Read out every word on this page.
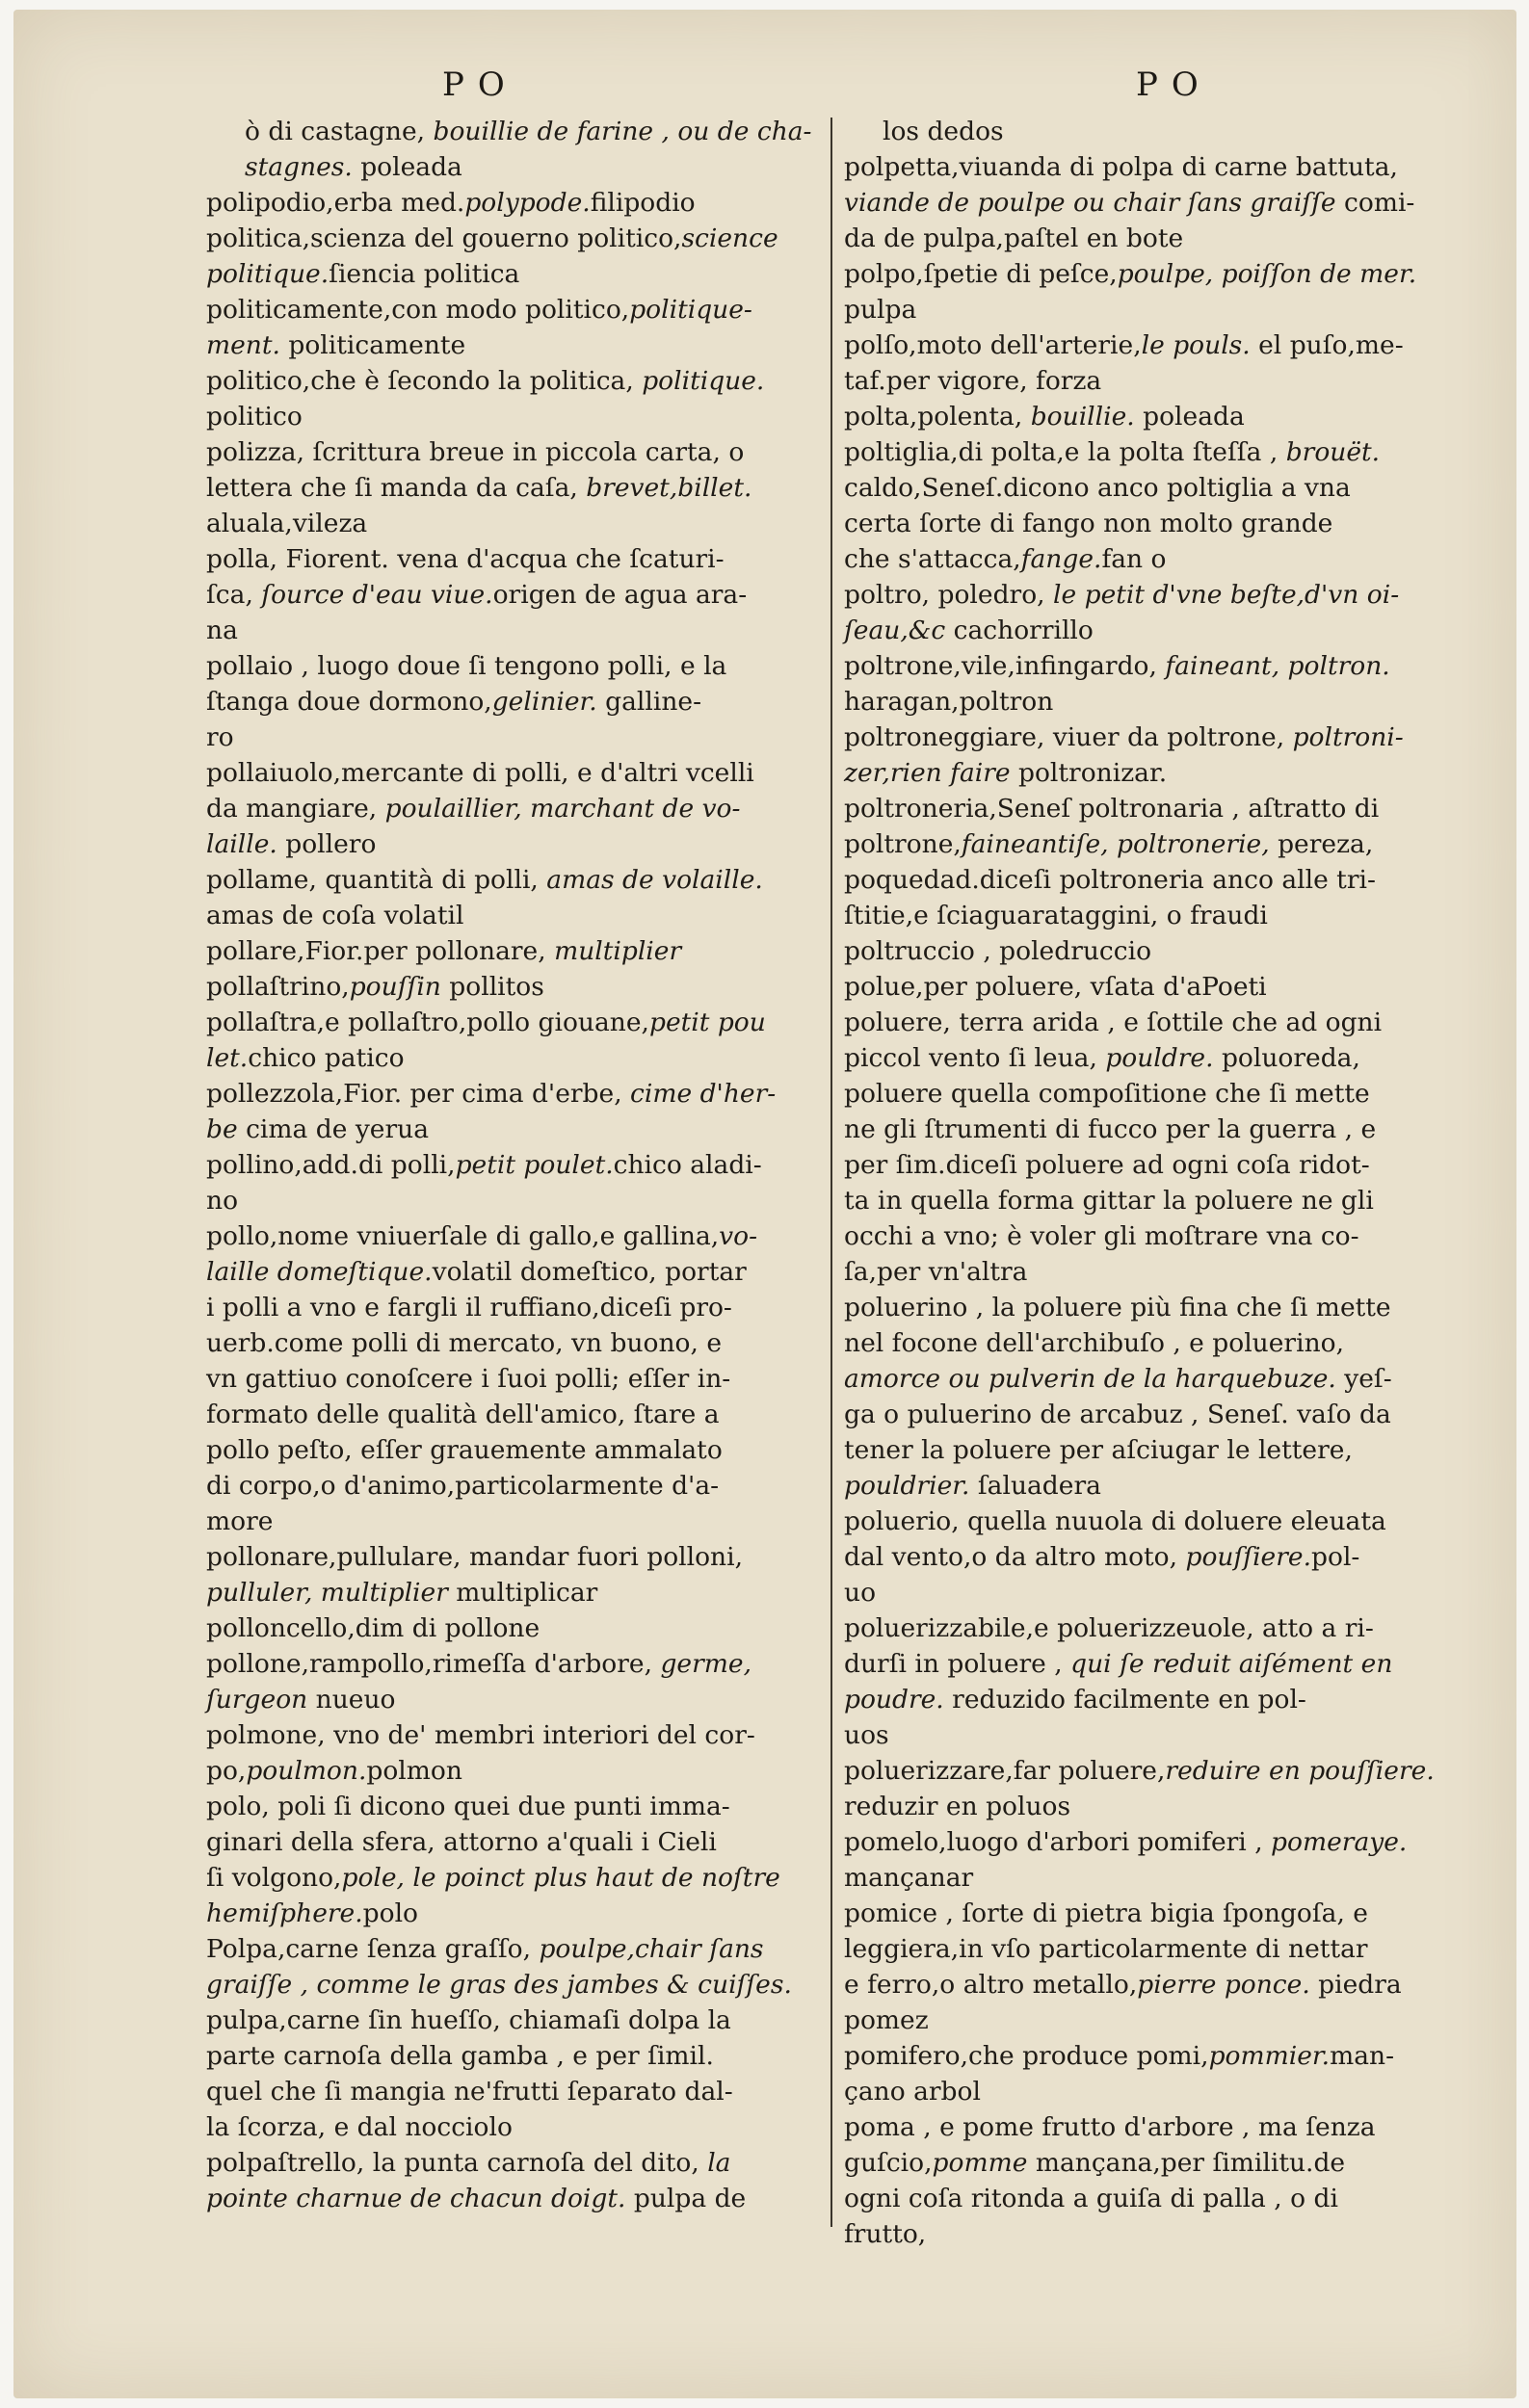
PO	PO
ò di castagne, bouillie de farine , ou de cha-
stagnes. poleada
polipodio,erba med.polypode.filipodio
politica,scienza del gouerno politico,science
politique.ſiencia politica
politicamente,con modo politico,politique-
ment. politicamente
politico,che è ſecondo la politica, politique.
politico
polizza, ſcrittura breue in piccola carta, o
lettera che ſi manda da caſa, brevet,billet.
aluala,vileza
polla, Fiorent. vena d'acqua che ſcaturi-
ſca, ſource d'eau viue.origen de agua ara-
na
pollaio , luogo doue ſi tengono polli, e la
ſtanga doue dormono,gelinier. galline-
ro
pollaiuolo,mercante di polli, e d'altri vcelli
da mangiare, poulaillier, marchant de vo-
laille. pollero
pollame, quantità di polli, amas de volaille.
amas de coſa volatil
pollare,Fior.per pollonare, multiplier
pollaſtrino,pouſſin pollitos
pollaſtra,e pollaſtro,pollo giouane,petit pou
let.chico patico
pollezzola,Fior. per cima d'erbe, cime d'her-
be cima de yerua
pollino,add.di polli,petit poulet.chico aladi-
no
pollo,nome vniuerſale di gallo,e gallina,vo-
laille domeſtique.volatil domeſtico, portar
i polli a vno e fargli il ruffiano,diceſi pro-
uerb.come polli di mercato, vn buono, e
vn gattiuo conoſcere i ſuoi polli; eſſer in-
formato delle qualità dell'amico, ſtare a
pollo peſto, eſſer grauemente ammalato
di corpo,o d'animo,particolarmente d'a-
more
pollonare,pullulare, mandar fuori polloni,
pulluler, multiplier multiplicar
polloncello,dim di pollone
pollone,rampollo,rimeſſa d'arbore, germe,
ſurgeon nueuo
polmone, vno de' membri interiori del cor-
po,poulmon.polmon
polo, poli ſi dicono quei due punti imma-
ginari della sfera, attorno a'quali i Cieli
ſi volgono,pole, le poinct plus haut de noſtre
hemiſphere.polo
Polpa,carne ſenza graſſo, poulpe,chair ſans
graiſſe , comme le gras des jambes & cuiſſes.
pulpa,carne ſin hueſſo, chiamaſi dolpa la
parte carnoſa della gamba , e per ſimil.
quel che ſi mangia ne'frutti ſeparato dal-
la ſcorza, e dal nocciolo
polpaſtrello, la punta carnoſa del dito, la
pointe charnue de chacun doigt. pulpa de
los dedos
polpetta,viuanda di polpa di carne battuta,
viande de poulpe ou chair ſans graiſſe comi-
da de pulpa,paſtel en bote
polpo,ſpetie di peſce,poulpe, poiſſon de mer.
pulpa
polſo,moto dell'arterie,le pouls. el puſo,me-
taf.per vigore, forza
polta,polenta, bouillie. poleada
poltiglia,di polta,e la polta ſteſſa , brouët.
caldo,Seneſ.dicono anco poltiglia a vna
certa ſorte di fango non molto grande
che s'attacca,fange.fan o
poltro, poledro, le petit d'vne beſte,d'vn oi-
ſeau,&c cachorrillo
poltrone,vile,infingardo, faineant, poltron.
haragan,poltron
poltroneggiare, viuer da poltrone, poltroni-
zer,rien faire poltronizar.
poltroneria,Seneſ poltronaria , aſtratto di
poltrone,faineantiſe, poltronerie, pereza,
poquedad.diceſi poltroneria anco alle tri-
ſtitie,e ſciaguarataggini, o fraudi
poltruccio , poledruccio
polue,per poluere, vſata d'aPoeti
poluere, terra arida , e ſottile che ad ogni
piccol vento ſi leua, pouldre. poluoreda,
poluere quella compoſitione che ſi mette
ne gli ſtrumenti di fucco per la guerra , e
per ſim.diceſi poluere ad ogni coſa ridot-
ta in quella forma gittar la poluere ne gli
occhi a vno; è voler gli moſtrare vna co-
ſa,per vn'altra
poluerino , la poluere più fina che ſi mette
nel focone dell'archibuſo , e poluerino,
amorce ou pulverin de la harquebuze. yeſ-
ga o puluerino de arcabuz , Seneſ. vaſo da
tener la poluere per aſciugar le lettere,
pouldrier. ſaluadera
poluerio, quella nuuola di doluere eleuata
dal vento,o da altro moto, pouſſiere.pol-
uo
poluerizzabile,e poluerizzeuole, atto a ri-
durſi in poluere , qui ſe reduit aiſément en
poudre. reduzido facilmente en pol-
uos
poluerizzare,far poluere,reduire en pouſſiere.
reduzir en poluos
pomelo,luogo d'arbori pomiferi , pomeraye.
mançanar
pomice , ſorte di pietra bigia ſpongoſa, e
leggiera,in vſo particolarmente di nettar
e ferro,o altro metallo,pierre ponce. piedra
pomez
pomifero,che produce pomi,pommier.man-
çano arbol
poma , e pome frutto d'arbore , ma ſenza
guſcio,pomme mançana,per ſimilitu.de
ogni coſa ritonda a guiſa di palla , o di
frutto,
